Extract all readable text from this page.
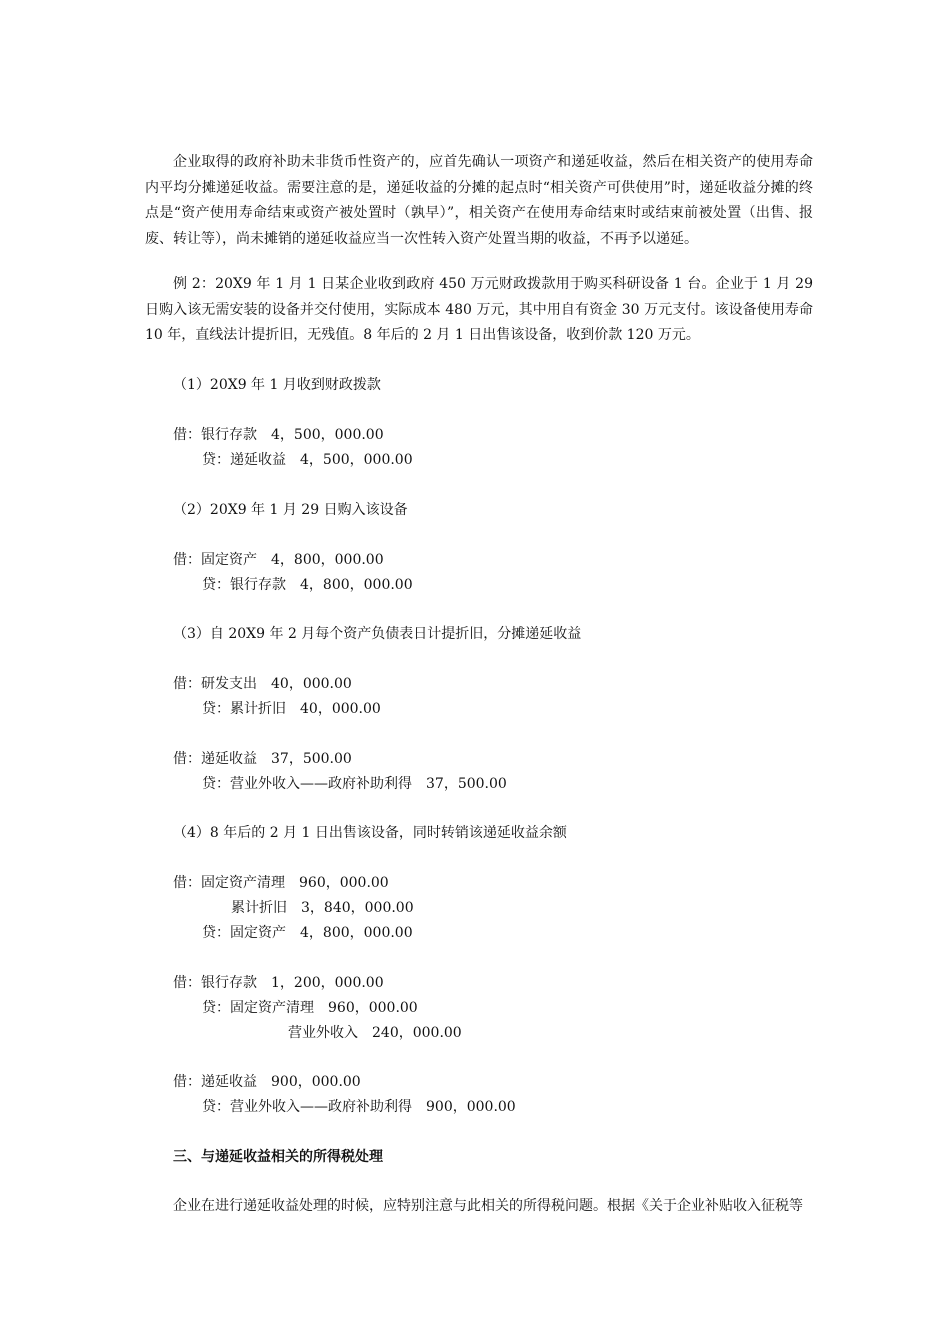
企业取得的政府补助未非货币性资产的，应首先确认一项资产和递延收益，然后在相关资产的使用寿命内平均分摊递延收益。需要注意的是，递延收益的分摊的起点时“相关资产可供使用”时，递延收益分摊的终点是“资产使用寿命结束或资产被处置时（孰早）”，相关资产在使用寿命结束时或结束前被处置（出售、报废、转让等），尚未摊销的递延收益应当一次性转入资产处置当期的收益，不再予以递延。

例 2：20X9 年 1 月 1 日某企业收到政府 450 万元财政拨款用于购买科研设备 1 台。企业于 1 月 29 日购入该无需安装的设备并交付使用，实际成本 480 万元，其中用自有资金 30 万元支付。该设备使用寿命 10 年，直线法计提折旧，无残值。8 年后的 2 月 1 日出售该设备，收到价款 120 万元。

（1）20X9 年 1 月收到财政拨款

借：银行存款　4，500，000.00

贷：递延收益　4，500，000.00

（2）20X9 年 1 月 29 日购入该设备

借：固定资产　4，800，000.00

贷：银行存款　4，800，000.00

（3）自 20X9 年 2 月每个资产负债表日计提折旧，分摊递延收益

借：研发支出　40，000.00

贷：累计折旧　40，000.00

借：递延收益　37，500.00

贷：营业外收入——政府补助利得　37，500.00

（4）8 年后的 2 月 1 日出售该设备，同时转销该递延收益余额

借：固定资产清理　960，000.00

累计折旧　3，840，000.00

贷：固定资产　4，800，000.00

借：银行存款　1，200，000.00

贷：固定资产清理　960，000.00

营业外收入　240，000.00

借：递延收益　900，000.00

贷：营业外收入——政府补助利得　900，000.00

三、与递延收益相关的所得税处理

企业在进行递延收益处理的时候，应特别注意与此相关的所得税问题。根据《关于企业补贴收入征税等
